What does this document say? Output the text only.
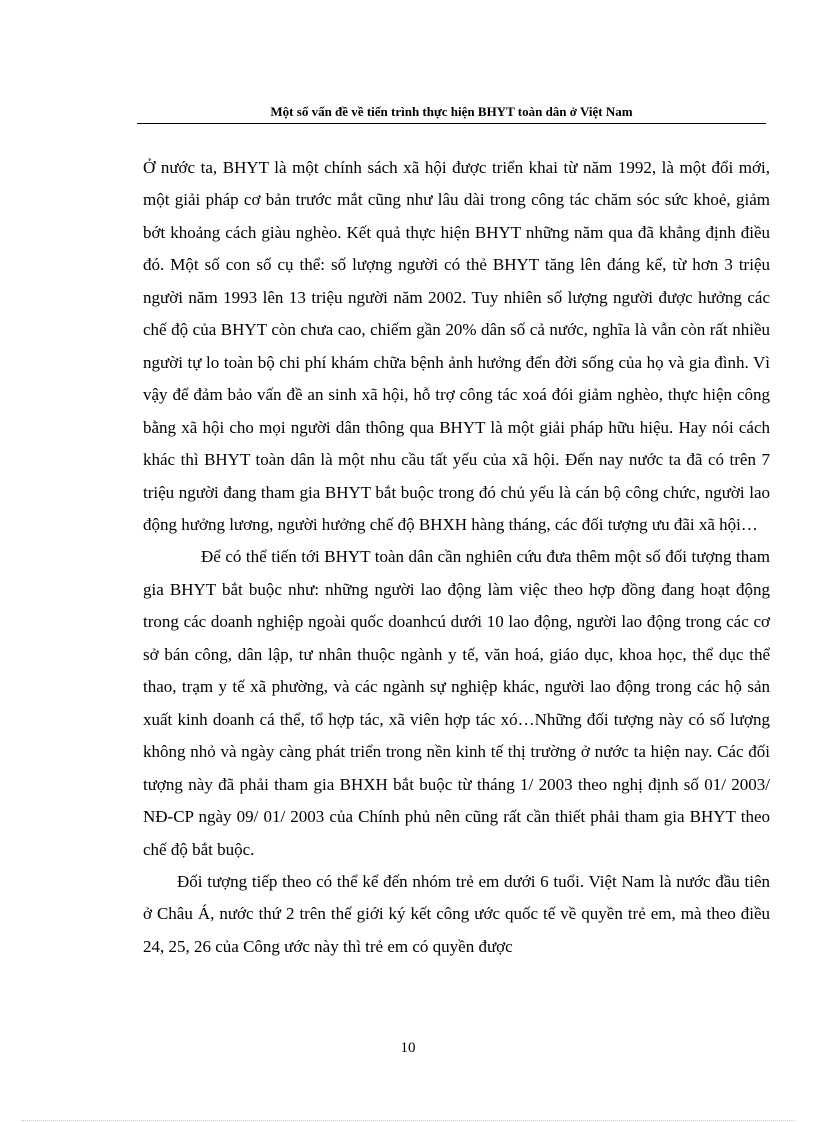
Một số vấn đề về tiến trình thực hiện BHYT toàn dân ở Việt Nam

Ở nước ta, BHYT là một chính sách xã hội được triển khai từ năm 1992, là một đổi mới, một giải pháp cơ bản trước mắt cũng như lâu dài trong công tác chăm sóc sức khoẻ, giảm bớt khoảng cách giàu nghèo. Kết quả thực hiện BHYT những năm qua đã khẳng định điều đó. Một số con số cụ thể: số lượng người có thẻ BHYT tăng lên đáng kể, từ hơn 3 triệu người năm 1993 lên 13 triệu người năm 2002. Tuy nhiên số lượng người được hưởng các chế độ của BHYT còn chưa cao, chiếm gần 20% dân số cả nước, nghĩa là vẫn còn rất nhiều người tự lo toàn bộ chi phí khám chữa bệnh ảnh hưởng đến đời sống của họ và gia đình. Vì vậy để đảm bảo vấn đề an sinh xã hội, hỗ trợ công tác xoá đói giảm nghèo, thực hiện công bằng xã hội cho mọi người dân thông qua BHYT là một giải pháp hữu hiệu. Hay nói cách khác thì BHYT toàn dân là một nhu cầu tất yếu của xã hội. Đến nay nước ta đã có trên 7 triệu người đang tham gia BHYT bắt buộc trong đó chủ yếu là cán bộ công chức, người lao động hưởng lương, người hưởng chế độ BHXH hàng tháng, các đối tượng ưu đãi xã hội…

Để có thể tiến tới BHYT toàn dân cần nghiên cứu đưa thêm một số đối tượng tham gia BHYT bắt buộc như: những người lao động làm việc theo hợp đồng đang hoạt động trong các doanh nghiệp ngoài quốc doanhcú dưới 10 lao động, người lao động trong các cơ sở bán công, dân lập, tư nhân thuộc ngành y tế, văn hoá, giáo dục, khoa học, thể dục thể thao, trạm y tế xã phường, và các ngành sự nghiệp khác, người lao động trong các hộ sản xuất kinh doanh cá thể, tổ hợp tác, xã viên hợp tác xó…Những đối tượng này có số lượng không nhỏ và ngày càng phát triển trong nền kinh tế thị trường ở nước ta hiện nay. Các đối tượng này đã phải tham gia BHXH bắt buộc từ tháng 1/ 2003 theo nghị định số 01/ 2003/ NĐ-CP ngày 09/ 01/ 2003 của Chính phủ nên cũng rất cần thiết phải tham gia BHYT theo chế độ bắt buộc.

Đối tượng tiếp theo có thể kể đến nhóm trẻ em dưới 6 tuổi. Việt Nam là nước đầu tiên ở Châu Á, nước thứ 2 trên thế giới ký kết công ước quốc tế về quyền trẻ em, mà theo điều 24, 25, 26 của Công ước này thì trẻ em có quyền được

10
